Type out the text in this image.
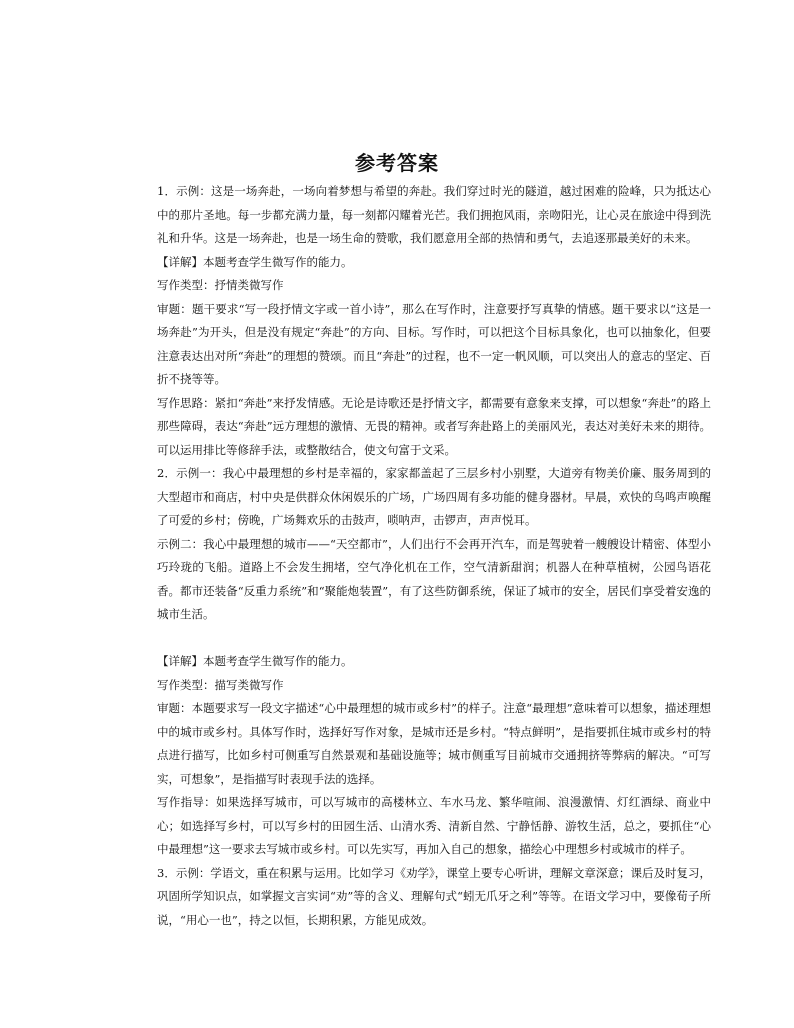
参考答案

1．示例：这是一场奔赴，一场向着梦想与希望的奔赴。我们穿过时光的隧道，越过困难的险峰，只为抵达心中的那片圣地。每一步都充满力量，每一刻都闪耀着光芒。我们拥抱风雨，亲吻阳光，让心灵在旅途中得到洗礼和升华。这是一场奔赴，也是一场生命的赞歌，我们愿意用全部的热情和勇气，去追逐那最美好的未来。

【详解】本题考查学生微写作的能力。

写作类型：抒情类微写作

审题：题干要求“写一段抒情文字或一首小诗”，那么在写作时，注意要抒写真挚的情感。题干要求以“这是一场奔赴”为开头，但是没有规定“奔赴”的方向、目标。写作时，可以把这个目标具象化，也可以抽象化，但要注意表达出对所“奔赴”的理想的赞颂。而且“奔赴”的过程，也不一定一帆风顺，可以突出人的意志的坚定、百折不挠等等。

写作思路：紧扣“奔赴”来抒发情感。无论是诗歌还是抒情文字，都需要有意象来支撑，可以想象“奔赴”的路上那些障碍，表达“奔赴”远方理想的激情、无畏的精神。或者写奔赴路上的美丽风光，表达对美好未来的期待。可以运用排比等修辞手法，或整散结合，使文句富于文采。

2．示例一：我心中最理想的乡村是幸福的，家家都盖起了三层乡村小别墅，大道旁有物美价廉、服务周到的大型超市和商店，村中央是供群众休闲娱乐的广场，广场四周有多功能的健身器材。早晨，欢快的鸟鸣声唤醒了可爱的乡村；傍晚，广场舞欢乐的击鼓声，唢呐声，击锣声，声声悦耳。

示例二：我心中最理想的城市——“天空都市”，人们出行不会再开汽车，而是驾驶着一艘艘设计精密、体型小巧玲珑的飞船。道路上不会发生拥堵，空气净化机在工作，空气清新甜润；机器人在种草植树，公园鸟语花香。都市还装备“反重力系统”和“聚能炮装置”，有了这些防御系统，保证了城市的安全，居民们享受着安逸的城市生活。

【详解】本题考查学生微写作的能力。

写作类型：描写类微写作

审题：本题要求写一段文字描述“心中最理想的城市或乡村”的样子。注意“最理想”意味着可以想象，描述理想中的城市或乡村。具体写作时，选择好写作对象，是城市还是乡村。“特点鲜明”，是指要抓住城市或乡村的特点进行描写，比如乡村可侧重写自然景观和基础设施等；城市侧重写目前城市交通拥挤等弊病的解决。“可写实，可想象”，是指描写时表现手法的选择。

写作指导：如果选择写城市，可以写城市的高楼林立、车水马龙、繁华喧闹、浪漫激情、灯红酒绿、商业中心；如选择写乡村，可以写乡村的田园生活、山清水秀、清新自然、宁静恬静、游牧生活，总之，要抓住“心中最理想”这一要求去写城市或乡村。可以先实写，再加入自己的想象，描绘心中理想乡村或城市的样子。

3．示例：学语文，重在积累与运用。比如学习《劝学》，课堂上要专心听讲，理解文章深意；课后及时复习，巩固所学知识点，如掌握文言实词“劝”等的含义、理解句式“蚓无爪牙之利”等等。在语文学习中，要像荀子所说，“用心一也”，持之以恒，长期积累，方能见成效。
